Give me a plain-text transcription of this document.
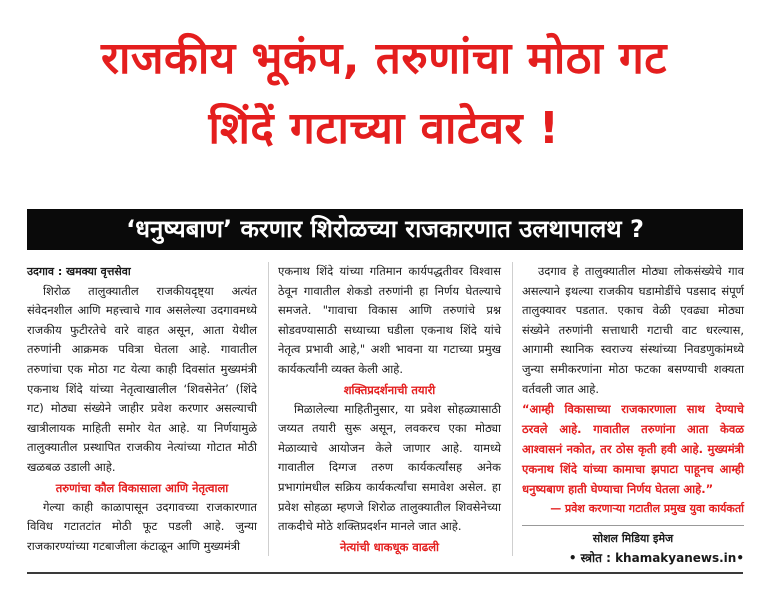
राजकीय भूकंप, तरुणांचा मोठा गट
शिंदें गटाच्या वाटेवर !
‘धनुष्यबाण’ करणार शिरोळच्या राजकारणात उलथापालथ ?
उदगाव : खमक्या वृत्तसेवा

शिरोळ तालुक्यातील राजकीयदृष्ट्या अत्यंत संवेदनशील आणि महत्त्वाचे गाव असलेल्या उदगावमध्ये राजकीय फुटीरतेचे वारे वाहत असून, आता येथील तरुणांनी आक्रमक पवित्रा घेतला आहे. गावातील तरुणांचा एक मोठा गट येत्या काही दिवसांत मुख्यमंत्री एकनाथ शिंदे यांच्या नेतृत्वाखालील ‘शिवसेनेत’ (शिंदे गट) मोठ्या संख्येने जाहीर प्रवेश करणार असल्याची खात्रीलायक माहिती समोर येत आहे. या निर्णयामुळे तालुक्यातील प्रस्थापित राजकीय नेत्यांच्या गोटात मोठी खळबळ उडाली आहे.

तरुणांचा कौल विकासाला आणि नेतृत्वाला

गेल्या काही काळापासून उदगावच्या राजकारणात विविध गटातटांत मोठी फूट पडली आहे. जुन्या राजकारण्यांच्या गटबाजीला कंटाळून आणि मुख्यमंत्री

एकनाथ शिंदे यांच्या गतिमान कार्यपद्धतीवर विश्वास ठेवून गावातील शेकडो तरुणांनी हा निर्णय घेतल्याचे समजते. "गावाचा विकास आणि तरुणांचे प्रश्न सोडवण्यासाठी सध्याच्या घडीला एकनाथ शिंदे यांचे नेतृत्व प्रभावी आहे," अशी भावना या गटाच्या प्रमुख कार्यकर्त्यांनी व्यक्त केली आहे.

शक्तिप्रदर्शनाची तयारी

मिळालेल्या माहितीनुसार, या प्रवेश सोहळ्यासाठी जय्यत तयारी सुरू असून, लवकरच एका मोठ्या मेळाव्याचे आयोजन केले जाणार आहे. यामध्ये गावातील दिग्गज तरुण कार्यकर्त्यांसह अनेक प्रभागांमधील सक्रिय कार्यकर्त्यांचा समावेश असेल. हा प्रवेश सोहळा म्हणजे शिरोळ तालुक्यातील शिवसेनेच्या ताकदीचे मोठे शक्तिप्रदर्शन मानले जात आहे.

नेत्यांची धाकधूक वाढली

उदगाव हे तालुक्यातील मोठ्या लोकसंख्येचे गाव असल्याने इथल्या राजकीय घडामोडींचे पडसाद संपूर्ण तालुक्यावर पडतात. एकाच वेळी एवढ्या मोठ्या संख्येने तरुणांनी सत्ताधारी गटाची वाट धरल्यास, आगामी स्थानिक स्वराज्य संस्थांच्या निवडणुकांमध्ये जुन्या समीकरणांना मोठा फटका बसण्याची शक्यता वर्तवली जात आहे.

“आम्ही विकासाच्या राजकारणाला साथ देण्याचे ठरवले आहे. गावातील तरुणांना आता केवळ आश्वासनं नकोत, तर ठोस कृती हवी आहे. मुख्यमंत्री एकनाथ शिंदे यांच्या कामाचा झपाटा पाहूनच आम्ही धनुष्यबाण हाती घेण्याचा निर्णय घेतला आहे.”

— प्रवेश करणाऱ्या गटातील प्रमुख युवा कार्यकर्ता
सोशल मिडिया इमेज
• स्त्रोत : khamakyanews.in•
